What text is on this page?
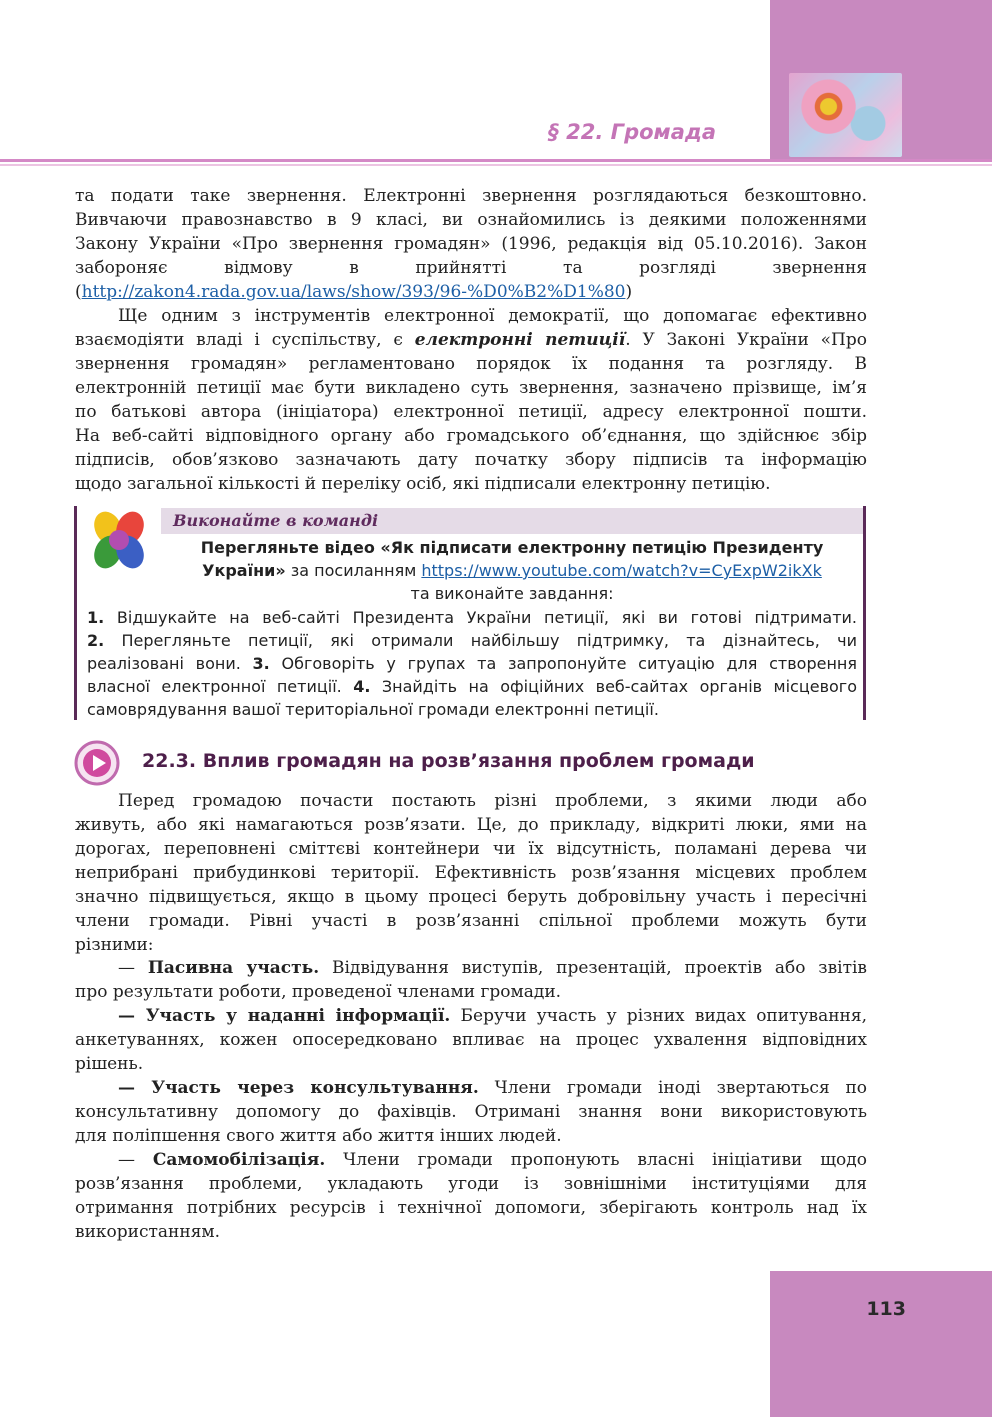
§ 22. Громада
та подати таке звернення. Електронні звернення розглядаються безкоштовно.
Вивчаючи правознавство в 9 класі, ви ознайомились із деякими положеннями
Закону України «Про звернення громадян» (1996, редакція від 05.10.2016). Закон
забороняє відмову в прийнятті та розгляді звернення
(http://zakon4.rada.gov.ua/laws/show/393/96-%D0%B2%D1%80)
Ще одним з інструментів електронної демократії, що допомагає ефективно
взаємодіяти владі і суспільству, є електронні петиції. У Законі України «Про
звернення громадян» регламентовано порядок їх подання та розгляду. В
електронній петиції має бути викладено суть звернення, зазначено прізвище, ім’я
по батькові автора (ініціатора) електронної петиції, адресу електронної пошти.
На веб-сайті відповідного органу або громадського об’єднання, що здійснює збір
підписів, обов’язково зазначають дату початку збору підписів та інформацію
щодо загальної кількості й переліку осіб, які підписали електронну петицію.
Виконайте в команді
Перегляньте відео «Як підписати електронну петицію Президенту
України» за посиланням https://www.youtube.com/watch?v=CyExpW2ikXk
та виконайте завдання:
1. Відшукайте на веб-сайті Президента України петиції, які ви готові підтримати.
2. Перегляньте петиції, які отримали найбільшу підтримку, та дізнайтесь, чи
реалізовані вони. 3. Обговоріть у групах та запропонуйте ситуацію для створення
власної електронної петиції. 4. Знайдіть на офіційних веб-сайтах органів місцевого
самоврядування вашої територіальної громади електронні петиції.
22.3. Вплив громадян на розв’язання проблем громади
Перед громадою почасти постають різні проблеми, з якими люди або
живуть, або які намагаються розв’язати. Це, до прикладу, відкриті люки, ями на
дорогах, переповнені сміттєві контейнери чи їх відсутність, поламані дерева чи
неприбрані прибудинкові території. Ефективність розв’язання місцевих проблем
значно підвищується, якщо в цьому процесі беруть добровільну участь і пересічні
члени громади. Рівні участі в розв’язанні спільної проблеми можуть бути
різними:
— Пасивна участь. Відвідування виступів, презентацій, проектів або звітів
про результати роботи, проведеної членами громади.
— Участь у наданні інформації. Беручи участь у різних видах опитування,
анкетуваннях, кожен опосередковано впливає на процес ухвалення відповідних
рішень.
— Участь через консультування. Члени громади іноді звертаються по
консультативну допомогу до фахівців. Отримані знання вони використовують
для поліпшення свого життя або життя інших людей.
— Самомобілізація. Члени громади пропонують власні ініціативи щодо
розв’язання проблеми, укладають угоди із зовнішніми інституціями для
отримання потрібних ресурсів і технічної допомоги, зберігають контроль над їх
використанням.
113
